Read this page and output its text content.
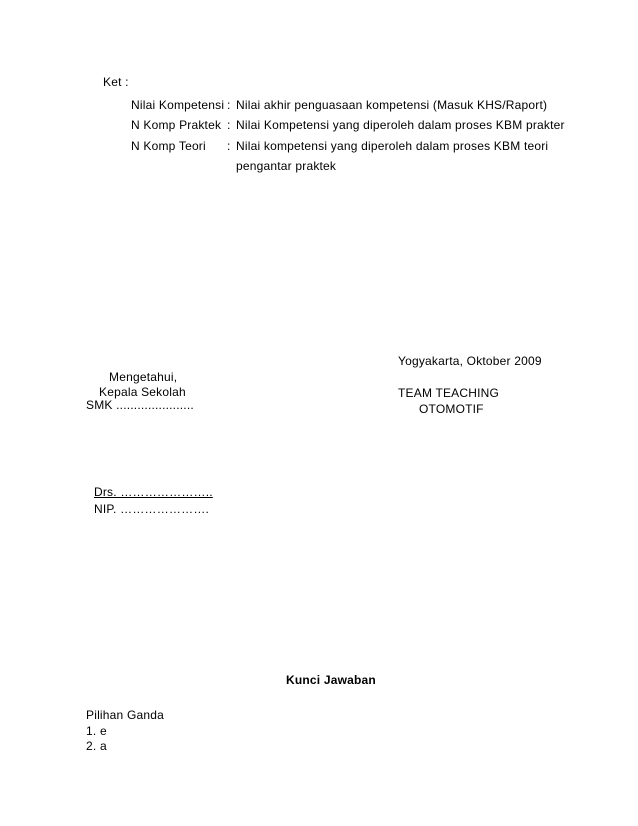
Ket :
Nilai Kompetensi : Nilai akhir penguasaan kompetensi (Masuk KHS/Raport)
N Komp Praktek : Nilai Kompetensi yang diperoleh dalam proses KBM prakter
N Komp Teori : Nilai kompetensi yang diperoleh dalam proses KBM teori
pengantar praktek
Yogyakarta, Oktober 2009
Mengetahui,
Kepala Sekolah
SMK ......................
TEAM TEACHING
OTOMOTIF
Drs. …………………..
NIP. ………………….
Kunci Jawaban
Pilihan Ganda
1. e
2. a
